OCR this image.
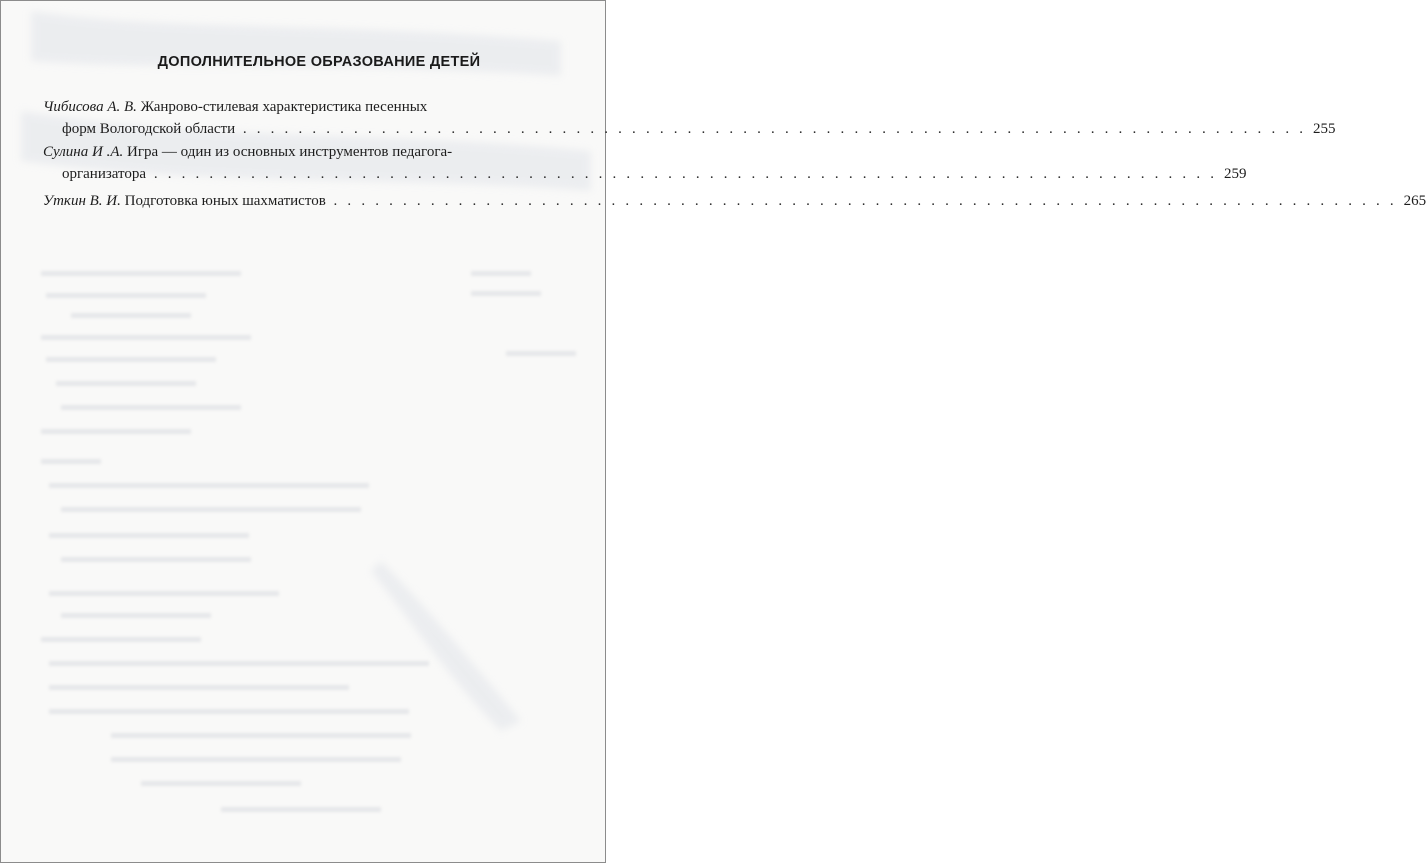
ДОПОЛНИТЕЛЬНОЕ ОБРАЗОВАНИЕ ДЕТЕЙ
Чибисова А. В. Жанрово-стилевая характеристика песенных
форм Вологодской области . . . . . . . . . . . . . . . . . . . . . . . . . . . . . . . . . . . . . . . . . . . . . . . . . . . . . . . . . . . . . . . . . . . . . . . . . . . . . 255
Сулина И .А. Игра — один из основных инструментов педагога-
организатора . . . . . . . . . . . . . . . . . . . . . . . . . . . . . . . . . . . . . . . . . . . . . . . . . . . . . . . . . . . . . . . . . . . . . . . . . . . . . 259
Уткин В. И. Подготовка юных шахматистов . . . . . . . . . . . . . . . . . . . . . . . . . . . . . . . . . . . . . . . . . . . . . . . . . . . . . . . . . . . . . . . . . . . . . . . . . . . . . 265
